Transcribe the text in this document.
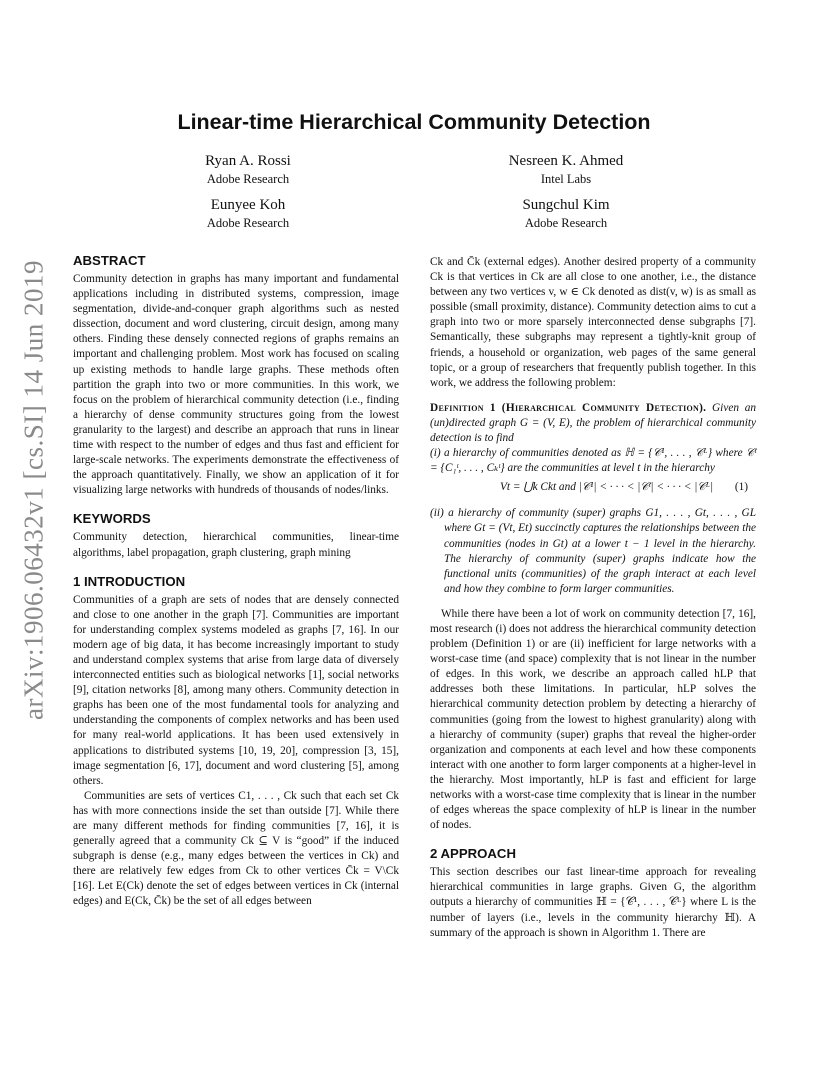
arXiv:1906.06432v1 [cs.SI] 14 Jun 2019
Linear-time Hierarchical Community Detection
Ryan A. Rossi
Adobe Research
Nesreen K. Ahmed
Intel Labs
Eunyee Koh
Adobe Research
Sungchul Kim
Adobe Research
ABSTRACT

Community detection in graphs has many important and fundamental applications including in distributed systems, compression, image segmentation, divide-and-conquer graph algorithms such as nested dissection, document and word clustering, circuit design, among many others. Finding these densely connected regions of graphs remains an important and challenging problem. Most work has focused on scaling up existing methods to handle large graphs. These methods often partition the graph into two or more communities. In this work, we focus on the problem of hierarchical community detection (i.e., finding a hierarchy of dense community structures going from the lowest granularity to the largest) and describe an approach that runs in linear time with respect to the number of edges and thus fast and efficient for large-scale networks. The experiments demonstrate the effectiveness of the approach quantitatively. Finally, we show an application of it for visualizing large networks with hundreds of thousands of nodes/links.

KEYWORDS

Community detection, hierarchical communities, linear-time algorithms, label propagation, graph clustering, graph mining

1 INTRODUCTION

Communities of a graph are sets of nodes that are densely connected and close to one another in the graph [7]. Communities are important for understanding complex systems modeled as graphs [7, 16]. In our modern age of big data, it has become increasingly important to study and understand complex systems that arise from large data of diversely interconnected entities such as biological networks [1], social networks [9], citation networks [8], among many others. Community detection in graphs has been one of the most fundamental tools for analyzing and understanding the components of complex networks and has been used for many real-world applications. It has been used extensively in applications to distributed systems [10, 19, 20], compression [3, 15], image segmentation [6, 17], document and word clustering [5], among others.

Communities are sets of vertices C1, . . . , Ck such that each set Ck has with more connections inside the set than outside [7]. While there are many different methods for finding communities [7, 16], it is generally agreed that a community Ck ⊆ V is “good” if the induced subgraph is dense (e.g., many edges between the vertices in Ck) and there are relatively few edges from Ck to other vertices C̄k = V\Ck [16]. Let E(Ck) denote the set of edges between vertices in Ck (internal edges) and E(Ck, C̄k) be the set of all edges between

Ck and C̄k (external edges). Another desired property of a community Ck is that vertices in Ck are all close to one another, i.e., the distance between any two vertices v, w ∈ Ck denoted as dist(v, w) is as small as possible (small proximity, distance). Community detection aims to cut a graph into two or more sparsely interconnected dense subgraphs [7]. Semantically, these subgraphs may represent a tightly-knit group of friends, a household or organization, web pages of the same general topic, or a group of researchers that frequently publish together. In this work, we address the following problem:

Definition 1 (Hierarchical Community Detection). Given an (un)directed graph G = (V, E), the problem of hierarchical community detection is to find

(i) a hierarchy of communities denoted as ℍ = {𝒞¹, . . . , 𝒞ᴸ} where 𝒞ᵗ = {C₁ᵗ, . . . , Cₖᵗ} are the communities at level t in the hierarchy

Vt = ⋃k Ckt and |𝒞¹| < · · · < |𝒞ᵗ| < · · · < |𝒞ᴸ| (1)

(ii) a hierarchy of community (super) graphs G1, . . . , Gt, . . . , GL where Gt = (Vt, Et) succinctly captures the relationships between the communities (nodes in Gt) at a lower t − 1 level in the hierarchy. The hierarchy of community (super) graphs indicate how the functional units (communities) of the graph interact at each level and how they combine to form larger communities.

While there have been a lot of work on community detection [7, 16], most research (i) does not address the hierarchical community detection problem (Definition 1) or are (ii) inefficient for large networks with a worst-case time (and space) complexity that is not linear in the number of edges. In this work, we describe an approach called hLP that addresses both these limitations. In particular, hLP solves the hierarchical community detection problem by detecting a hierarchy of communities (going from the lowest to highest granularity) along with a hierarchy of community (super) graphs that reveal the higher-order organization and components at each level and how these components interact with one another to form larger components at a higher-level in the hierarchy. Most importantly, hLP is fast and efficient for large networks with a worst-case time complexity that is linear in the number of edges whereas the space complexity of hLP is linear in the number of nodes.

2 APPROACH

This section describes our fast linear-time approach for revealing hierarchical communities in large graphs. Given G, the algorithm outputs a hierarchy of communities ℍ = {𝒞¹, . . . , 𝒞ᴸ} where L is the number of layers (i.e., levels in the community hierarchy ℍ). A summary of the approach is shown in Algorithm 1. There are
